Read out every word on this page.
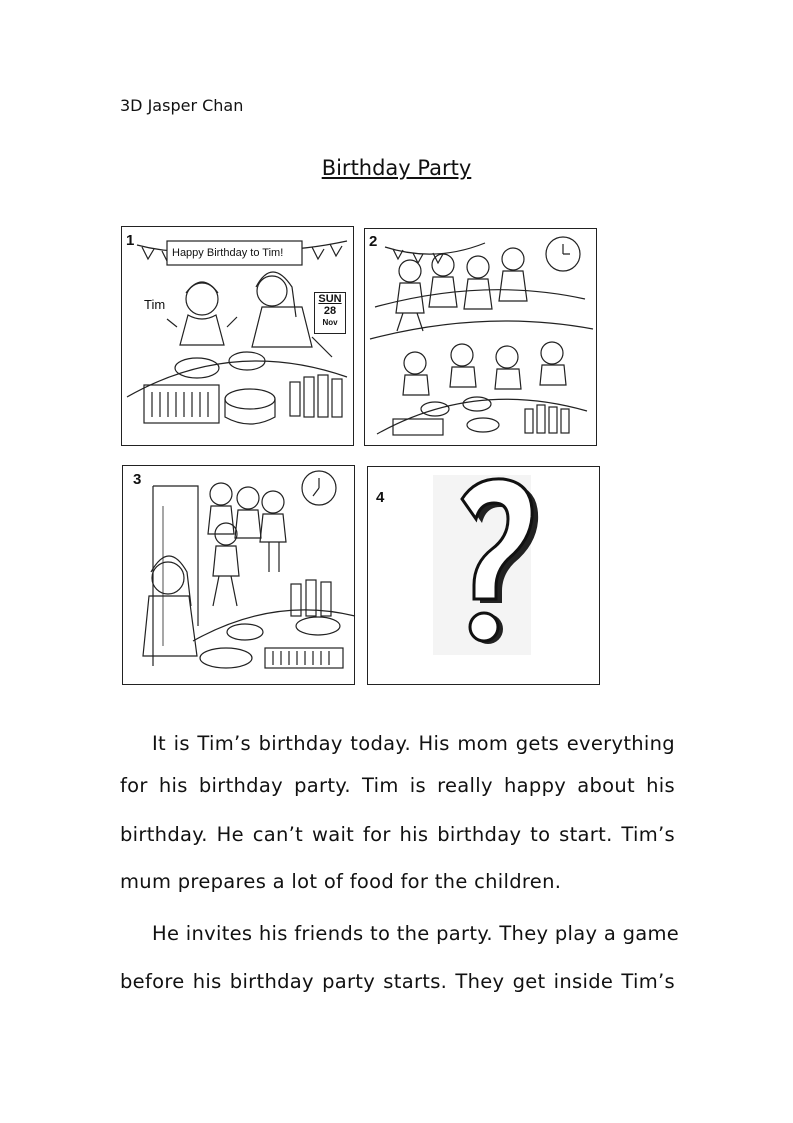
3D Jasper Chan
Birthday Party
1
Tim
Happy Birthday to Tim!
SUN
28
Nov
2
3
4
It is Tim’s birthday today. His mom gets everything
for his birthday party. Tim is really happy about his
birthday. He can’t wait for his birthday to start. Tim’s
mum prepares a lot of food for the children.
He invites his friends to the party. They play a game
before his birthday party starts. They get inside Tim’s
